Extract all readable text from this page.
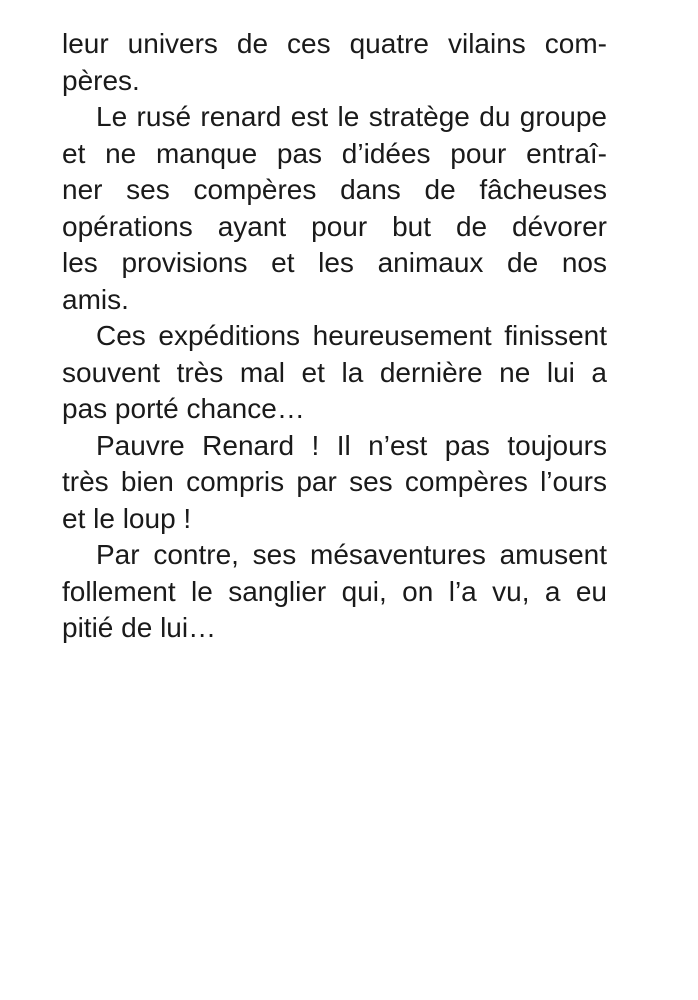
leur univers de ces quatre vilains com-
pères.
Le rusé renard est le stratège du groupe
et ne manque pas d’idées pour entraî-
ner ses compères dans de fâcheuses
opérations ayant pour but de dévorer
les provisions et les animaux de nos
amis.
Ces expéditions heureusement finissent
souvent très mal et la dernière ne lui a
pas porté chance…
Pauvre Renard ! Il n’est pas toujours
très bien compris par ses compères l’ours
et le loup !
Par contre, ses mésaventures amusent
follement le sanglier qui, on l’a vu, a eu
pitié de lui…
